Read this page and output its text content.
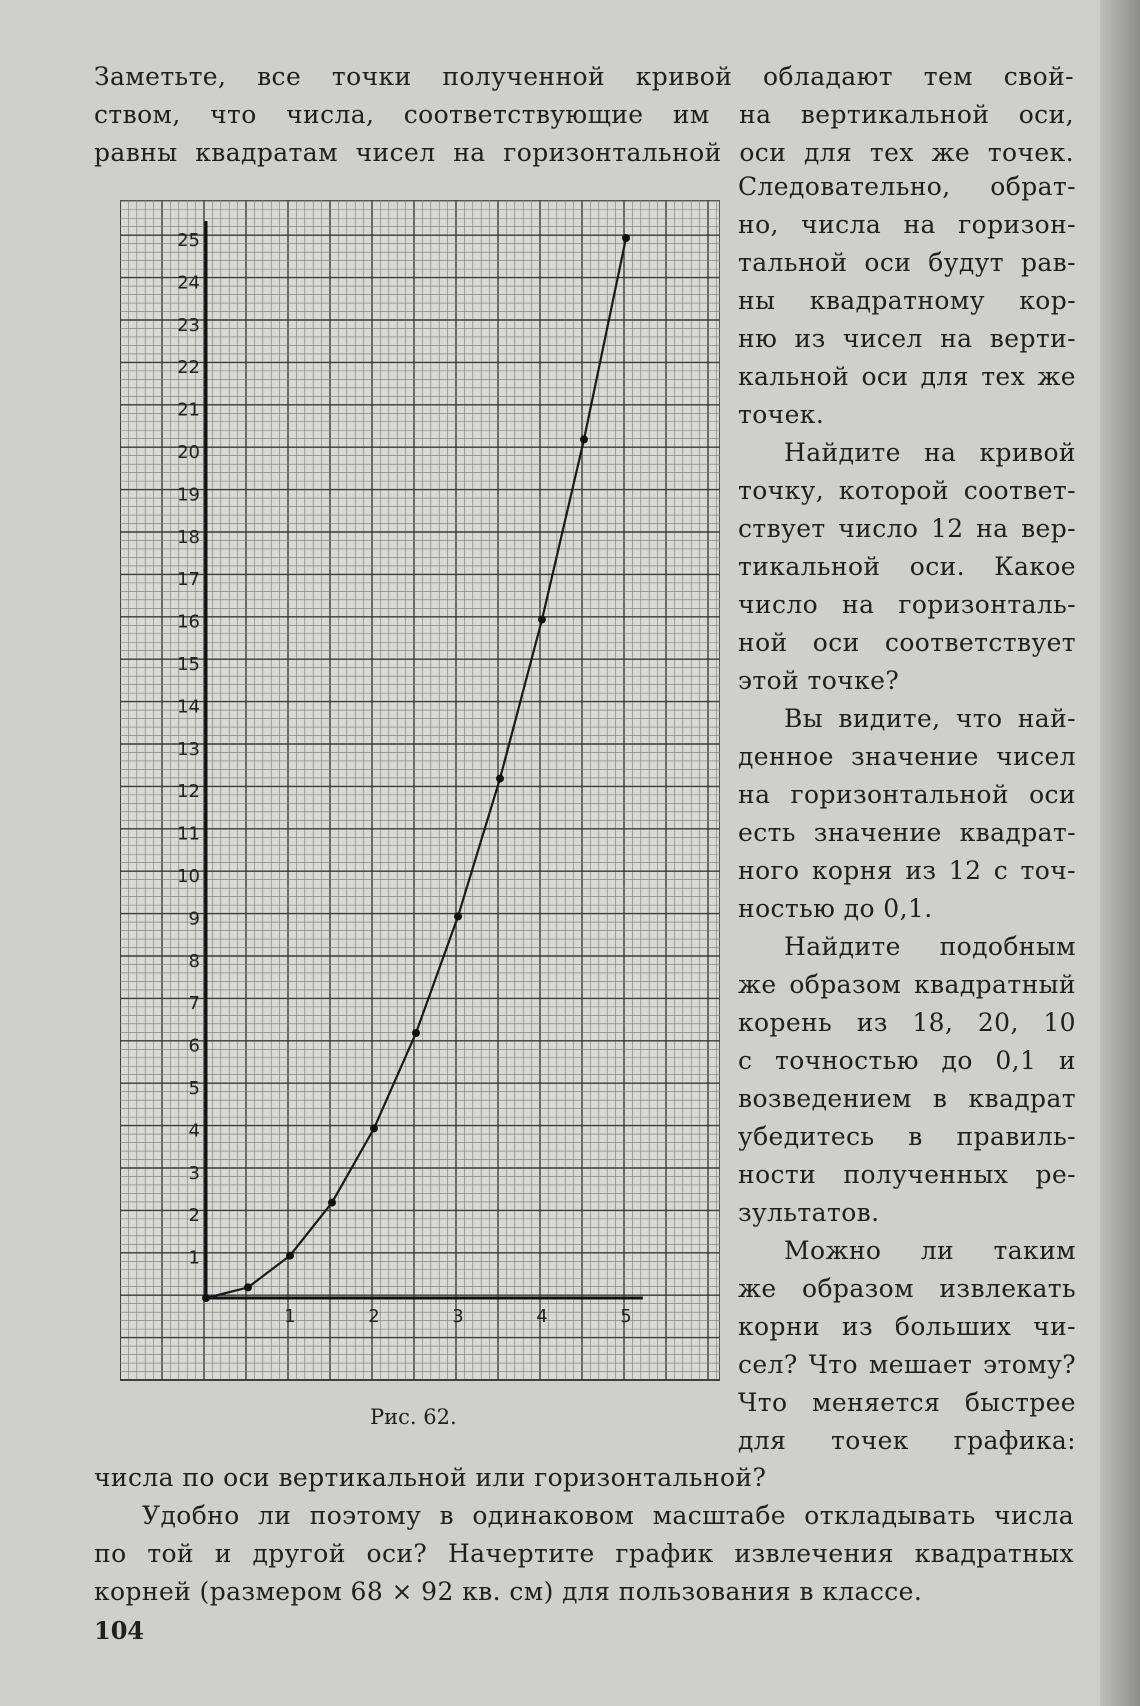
Заметьте, все точки полученной кривой обладают тем свой-
ством, что числа, соответствующие им на вертикальной оси,
равны квадратам чисел на горизонтальной оси для тех же точек.
1
2
3
4
5
6
7
8
9
10
11
12
13
14
15
16
17
18
19
20
21
22
23
24
25
1	2	3	4	5
Рис. 62.
Следовательно, обрат-
но, числа на горизон-
тальной оси будут рав-
ны квадратному кор-
ню из чисел на верти-
кальной оси для тех же
точек.
Найдите на кривой
точку, которой соответ-
ствует число 12 на вер-
тикальной оси. Какое
число на горизонталь-
ной оси соответствует
этой точке?
Вы видите, что най-
денное значение чисел
на горизонтальной оси
есть значение квадрат-
ного корня из 12 с точ-
ностью до 0,1.
Найдите подобным
же образом квадратный
корень из 18, 20, 10
с точностью до 0,1 и
возведением в квадрат
убедитесь в правиль-
ности полученных ре-
зультатов.
Можно ли таким
же образом извлекать
корни из больших чи-
сел? Что мешает этому?
Что меняется быстрее
для точек графика:
числа по оси вертикальной или горизонтальной?
Удобно ли поэтому в одинаковом масштабе откладывать числа
по той и другой оси? Начертите график извлечения квадратных
корней (размером 68 × 92 кв. см) для пользования в классе.
104
